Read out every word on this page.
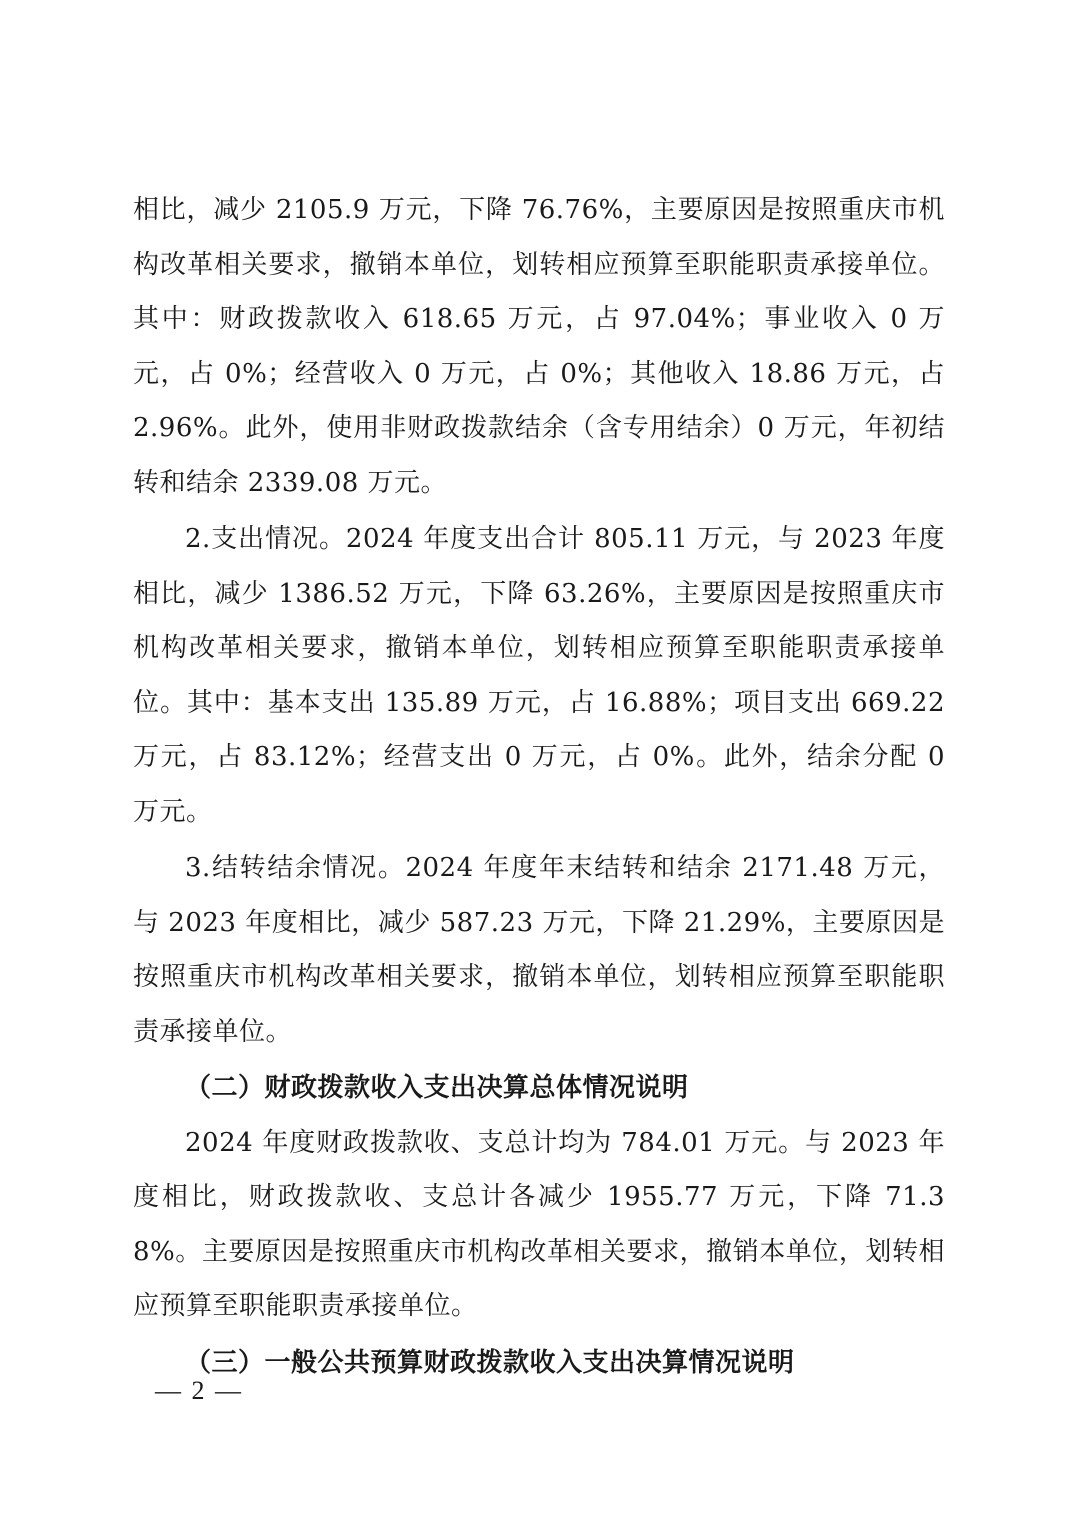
相比，减少 2105.9 万元，下降 76.76%，主要原因是按照重庆市机构改革相关要求，撤销本单位，划转相应预算至职能职责承接单位。其中：财政拨款收入 618.65 万元，占 97.04%；事业收入 0 万元，占 0%；经营收入 0 万元，占 0%；其他收入 18.86 万元，占 2.96%。此外，使用非财政拨款结余（含专用结余）0 万元，年初结转和结余 2339.08 万元。

2.支出情况。2024 年度支出合计 805.11 万元，与 2023 年度相比，减少 1386.52 万元，下降 63.26%，主要原因是按照重庆市机构改革相关要求，撤销本单位，划转相应预算至职能职责承接单位。其中：基本支出 135.89 万元，占 16.88%；项目支出 669.22 万元，占 83.12%；经营支出 0 万元，占 0%。此外，结余分配 0 万元。

3.结转结余情况。2024 年度年末结转和结余 2171.48 万元，与 2023 年度相比，减少 587.23 万元，下降 21.29%，主要原因是按照重庆市机构改革相关要求，撤销本单位，划转相应预算至职能职责承接单位。

（二）财政拨款收入支出决算总体情况说明

2024 年度财政拨款收、支总计均为 784.01 万元。与 2023 年度相比，财政拨款收、支总计各减少 1955.77 万元，下降 71.38%。主要原因是按照重庆市机构改革相关要求，撤销本单位，划转相应预算至职能职责承接单位。

（三）一般公共预算财政拨款收入支出决算情况说明

— 2 —
